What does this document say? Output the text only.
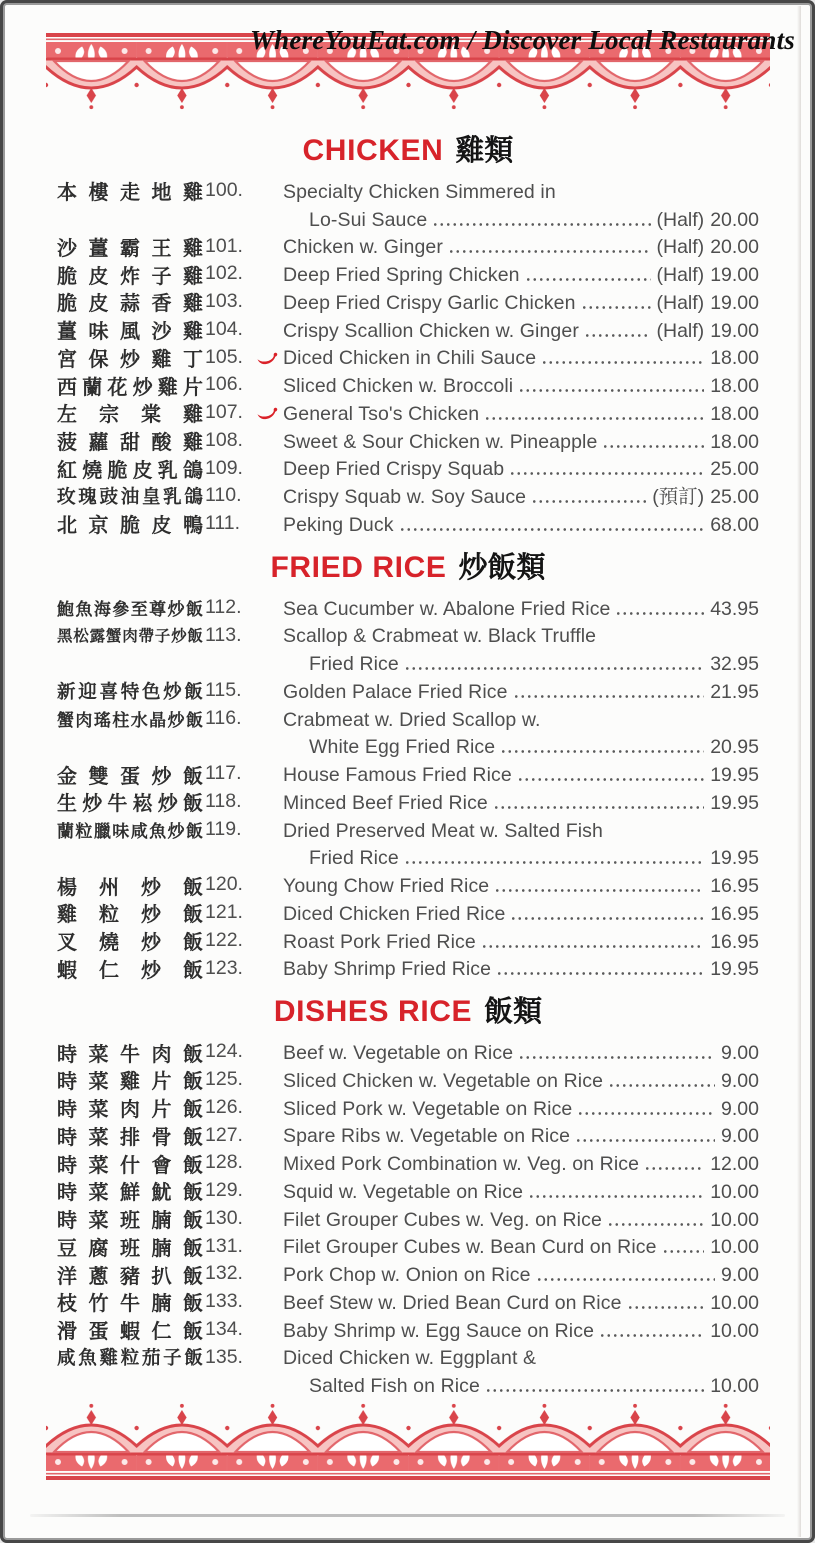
WhereYouEat.com / Discover Local Restaurants
CHICKEN 雞類
本 樓 走 地 雞 100.	Specialty Chicken Simmered in
Lo-Sui Sauce	(Half) 20.00
沙 薑 霸 王 雞 101.	Chicken w. Ginger	(Half) 20.00
脆 皮 炸 子 雞 102.	Deep Fried Spring Chicken	(Half) 19.00
脆 皮 蒜 香 雞 103.	Deep Fried Crispy Garlic Chicken	(Half) 19.00
薑 味 風 沙 雞 104.	Crispy Scallion Chicken w. Ginger	(Half) 19.00
宮 保 炒 雞 丁 105.	Diced Chicken in Chili Sauce	18.00
西 蘭 花 炒 雞 片 106.	Sliced Chicken w. Broccoli	18.00
左 宗 棠 雞 107.	General Tso's Chicken	18.00
菠 蘿 甜 酸 雞 108.	Sweet & Sour Chicken w. Pineapple	18.00
紅 燒 脆 皮 乳 鴿 109.	Deep Fried Crispy Squab	25.00
玫 瑰 豉 油 皇 乳 鴿 110.	Crispy Squab w. Soy Sauce	(預訂) 25.00
北 京 脆 皮 鴨 111.	Peking Duck	68.00
FRIED RICE 炒飯類
鮑 魚 海 參 至 尊 炒 飯 112.	Sea Cucumber w. Abalone Fried Rice	43.95
黑 松 露 蟹 肉 帶 子 炒 飯 113.	Scallop & Crabmeat w. Black Truffle
Fried Rice	32.95
新 迎 喜 特 色 炒 飯 115.	Golden Palace Fried Rice	21.95
蟹 肉 瑤 柱 水 晶 炒 飯 116.	Crabmeat w. Dried Scallop w.
White Egg Fried Rice	20.95
金 雙 蛋 炒 飯 117.	House Famous Fried Rice	19.95
生 炒 牛 崧 炒 飯 118.	Minced Beef Fried Rice	19.95
蘭 粒 臘 味 咸 魚 炒 飯 119.	Dried Preserved Meat w. Salted Fish
Fried Rice	19.95
楊 州 炒 飯 120.	Young Chow Fried Rice	16.95
雞 粒 炒 飯 121.	Diced Chicken Fried Rice	16.95
叉 燒 炒 飯 122.	Roast Pork Fried Rice	16.95
蝦 仁 炒 飯 123.	Baby Shrimp Fried Rice	19.95
DISHES RICE 飯類
時 菜 牛 肉 飯 124.	Beef w. Vegetable on Rice	9.00
時 菜 雞 片 飯 125.	Sliced Chicken w. Vegetable on Rice	9.00
時 菜 肉 片 飯 126.	Sliced Pork w. Vegetable on Rice	9.00
時 菜 排 骨 飯 127.	Spare Ribs w. Vegetable on Rice	9.00
時 菜 什 會 飯 128.	Mixed Pork Combination w. Veg. on Rice	12.00
時 菜 鮮 魷 飯 129.	Squid w. Vegetable on Rice	10.00
時 菜 班 腩 飯 130.	Filet Grouper Cubes w. Veg. on Rice	10.00
豆 腐 班 腩 飯 131.	Filet Grouper Cubes w. Bean Curd on Rice	10.00
洋 蔥 豬 扒 飯 132.	Pork Chop w. Onion on Rice	9.00
枝 竹 牛 腩 飯 133.	Beef Stew w. Dried Bean Curd on Rice	10.00
滑 蛋 蝦 仁 飯 134.	Baby Shrimp w. Egg Sauce on Rice	10.00
咸 魚 雞 粒 茄 子 飯 135.	Diced Chicken w. Eggplant &
Salted Fish on Rice	10.00
